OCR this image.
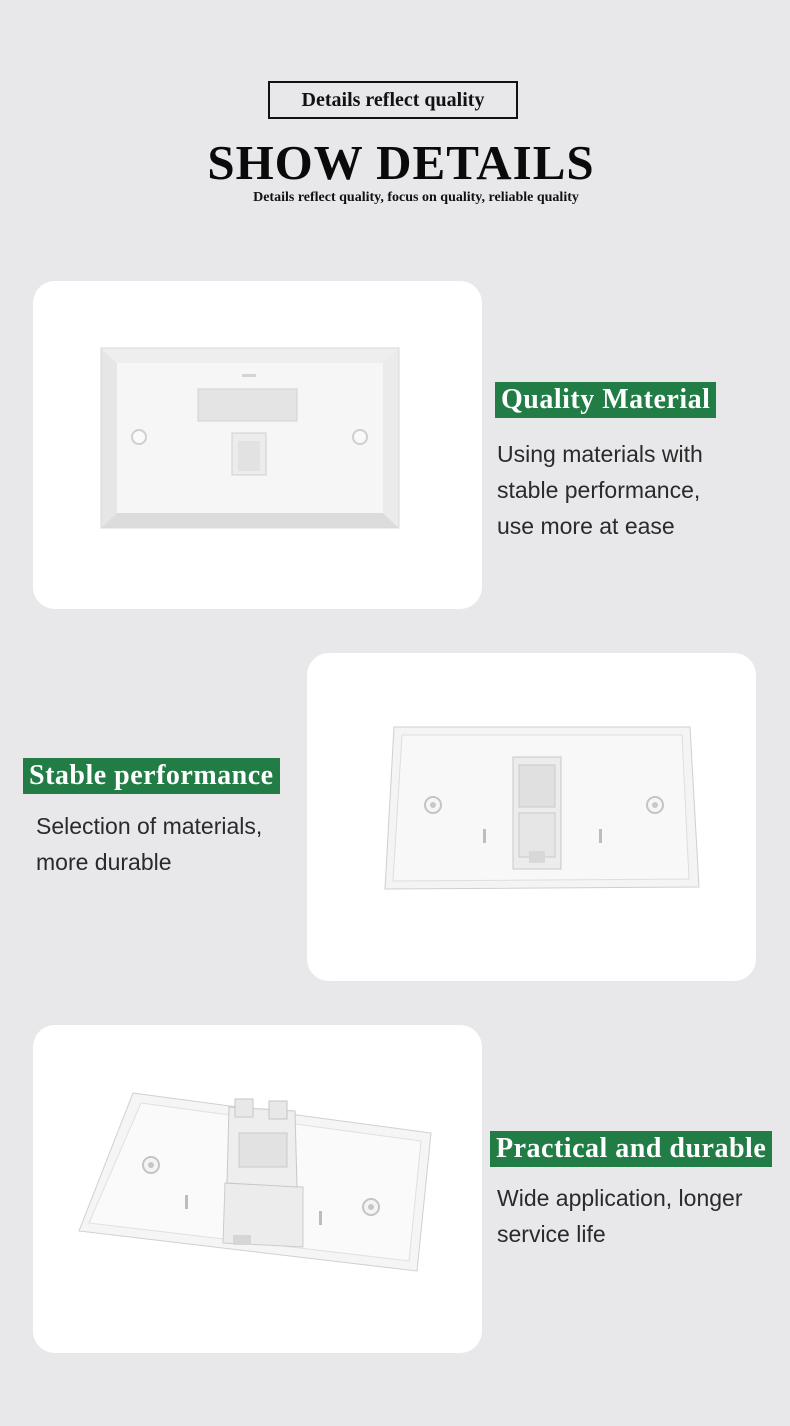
Details reflect quality
SHOW DETAILS
Details reflect quality, focus on quality, reliable quality
Quality Material
Using materials with
stable performance,
use more at ease
Stable performance
Selection of materials,
more durable
Practical and durable
Wide application, longer
service life
